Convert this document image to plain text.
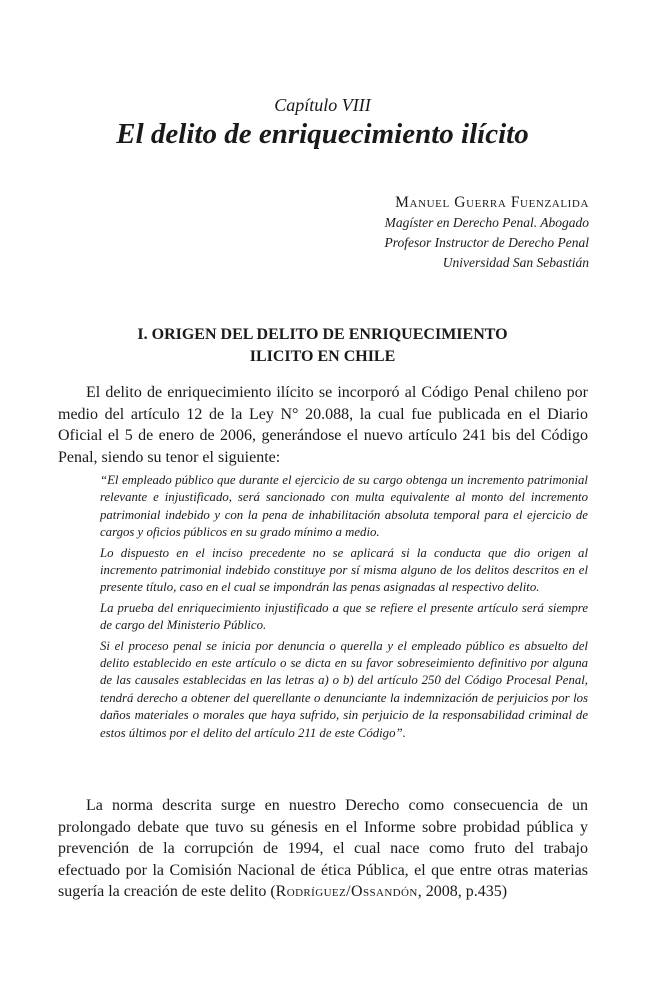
Capítulo VIII
El delito de enriquecimiento ilícito
Manuel Guerra Fuenzalida
Magíster en Derecho Penal. Abogado
Profesor Instructor de Derecho Penal
Universidad San Sebastián
I. ORIGEN DEL DELITO DE ENRIQUECIMIENTO
ILICITO EN CHILE
El delito de enriquecimiento ilícito se incorporó al Código Penal chileno por medio del artículo 12 de la Ley N° 20.088, la cual fue publicada en el Diario Oficial el 5 de enero de 2006, generándose el nuevo artículo 241 bis del Código Penal, siendo su tenor el siguiente:

“El empleado público que durante el ejercicio de su cargo obtenga un incremento patrimonial relevante e injustificado, será sancionado con multa equivalente al monto del incremento patrimonial indebido y con la pena de inhabilitación absoluta temporal para el ejercicio de cargos y oficios públicos en su grado mínimo a medio.

Lo dispuesto en el inciso precedente no se aplicará si la conducta que dio origen al incremento patrimonial indebido constituye por sí misma alguno de los delitos descritos en el presente título, caso en el cual se impondrán las penas asignadas al respectivo delito.

La prueba del enriquecimiento injustificado a que se refiere el presente artículo será siempre de cargo del Ministerio Público.

Si el proceso penal se inicia por denuncia o querella y el empleado público es absuelto del delito establecido en este artículo o se dicta en su favor sobreseimiento definitivo por alguna de las causales establecidas en las letras a) o b) del artículo 250 del Código Procesal Penal, tendrá derecho a obtener del querellante o denunciante la indemnización de perjuicios por los daños materiales o morales que haya sufrido, sin perjuicio de la responsabilidad criminal de estos últimos por el delito del artículo 211 de este Código”.

La norma descrita surge en nuestro Derecho como consecuencia de un prolongado debate que tuvo su génesis en el Informe sobre probidad pública y prevención de la corrupción de 1994, el cual nace como fruto del trabajo efectuado por la Comisión Nacional de ética Pública, el que entre otras materias sugería la creación de este delito (Rodríguez/Ossandón, 2008, p.435)
